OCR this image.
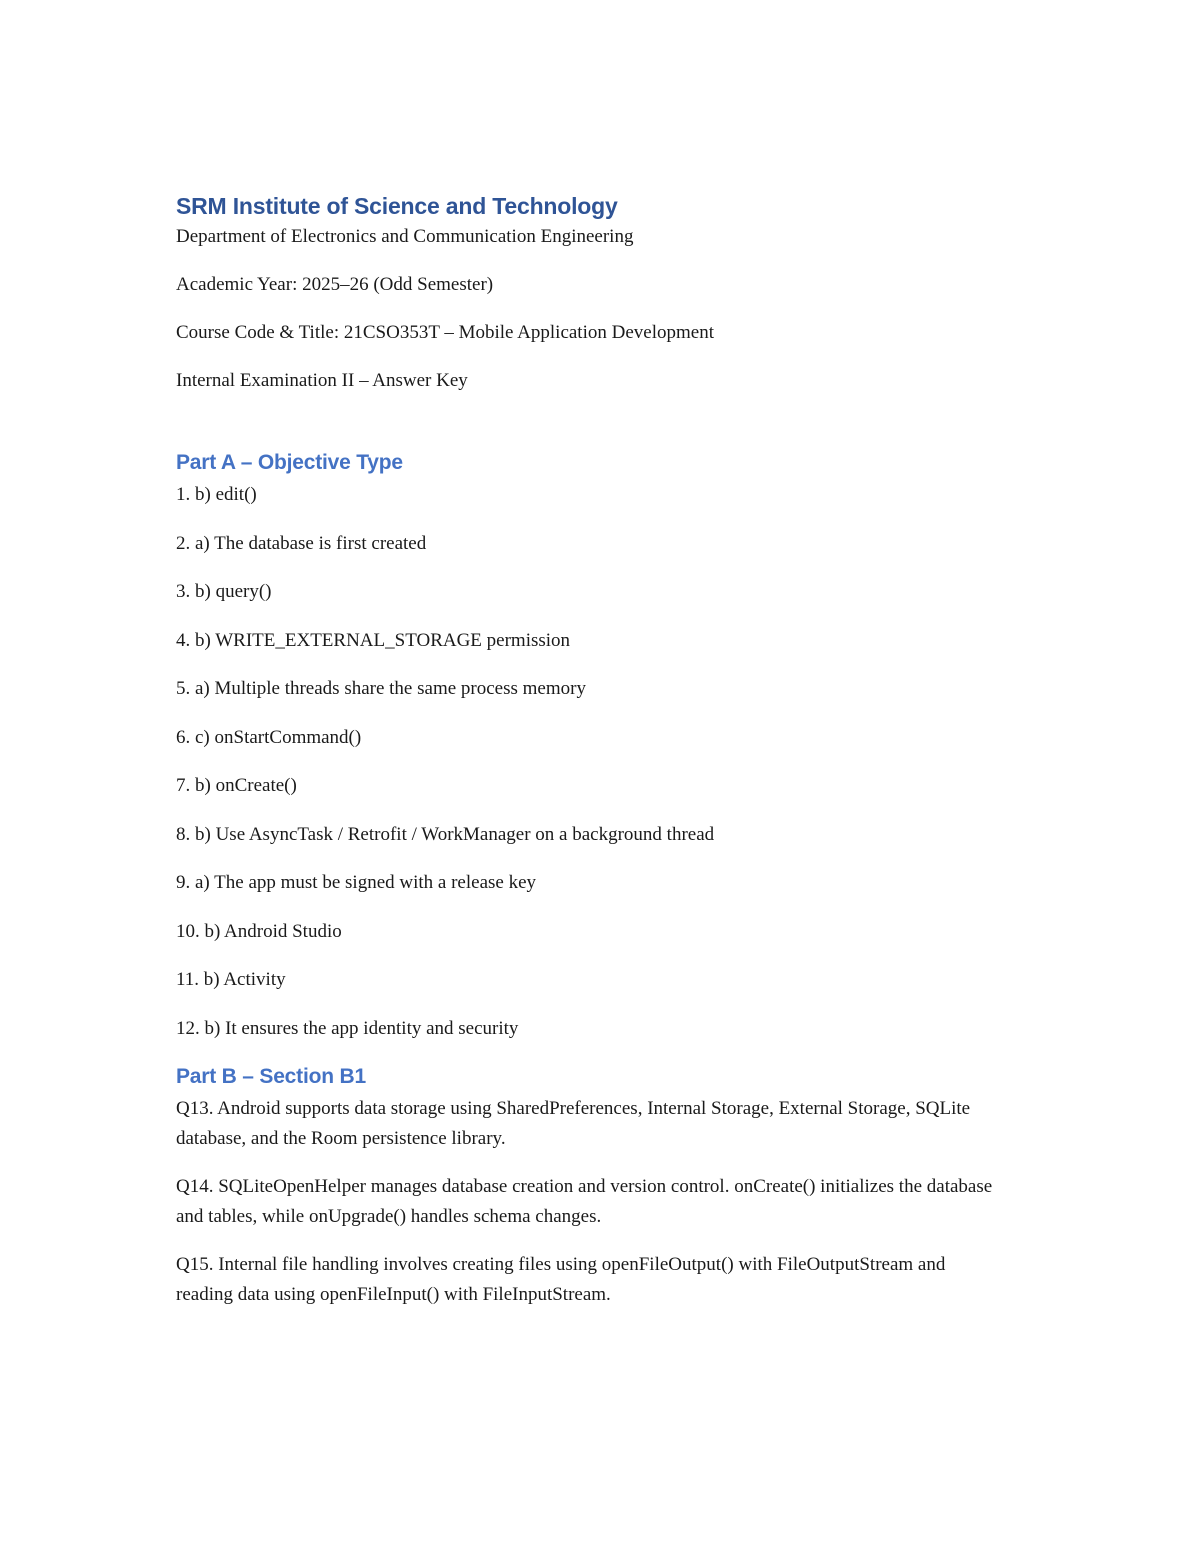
SRM Institute of Science and Technology

Department of Electronics and Communication Engineering

Academic Year: 2025–26 (Odd Semester)

Course Code & Title: 21CSO353T – Mobile Application Development

Internal Examination II – Answer Key

Part A – Objective Type

1. b) edit()

2. a) The database is first created

3. b) query()

4. b) WRITE_EXTERNAL_STORAGE permission

5. a) Multiple threads share the same process memory

6. c) onStartCommand()

7. b) onCreate()

8. b) Use AsyncTask / Retrofit / WorkManager on a background thread

9. a) The app must be signed with a release key

10. b) Android Studio

11. b) Activity

12. b) It ensures the app identity and security

Part B – Section B1

Q13. Android supports data storage using SharedPreferences, Internal Storage, External Storage, SQLite database, and the Room persistence library.

Q14. SQLiteOpenHelper manages database creation and version control. onCreate() initializes the database and tables, while onUpgrade() handles schema changes.

Q15. Internal file handling involves creating files using openFileOutput() with FileOutputStream and reading data using openFileInput() with FileInputStream.
